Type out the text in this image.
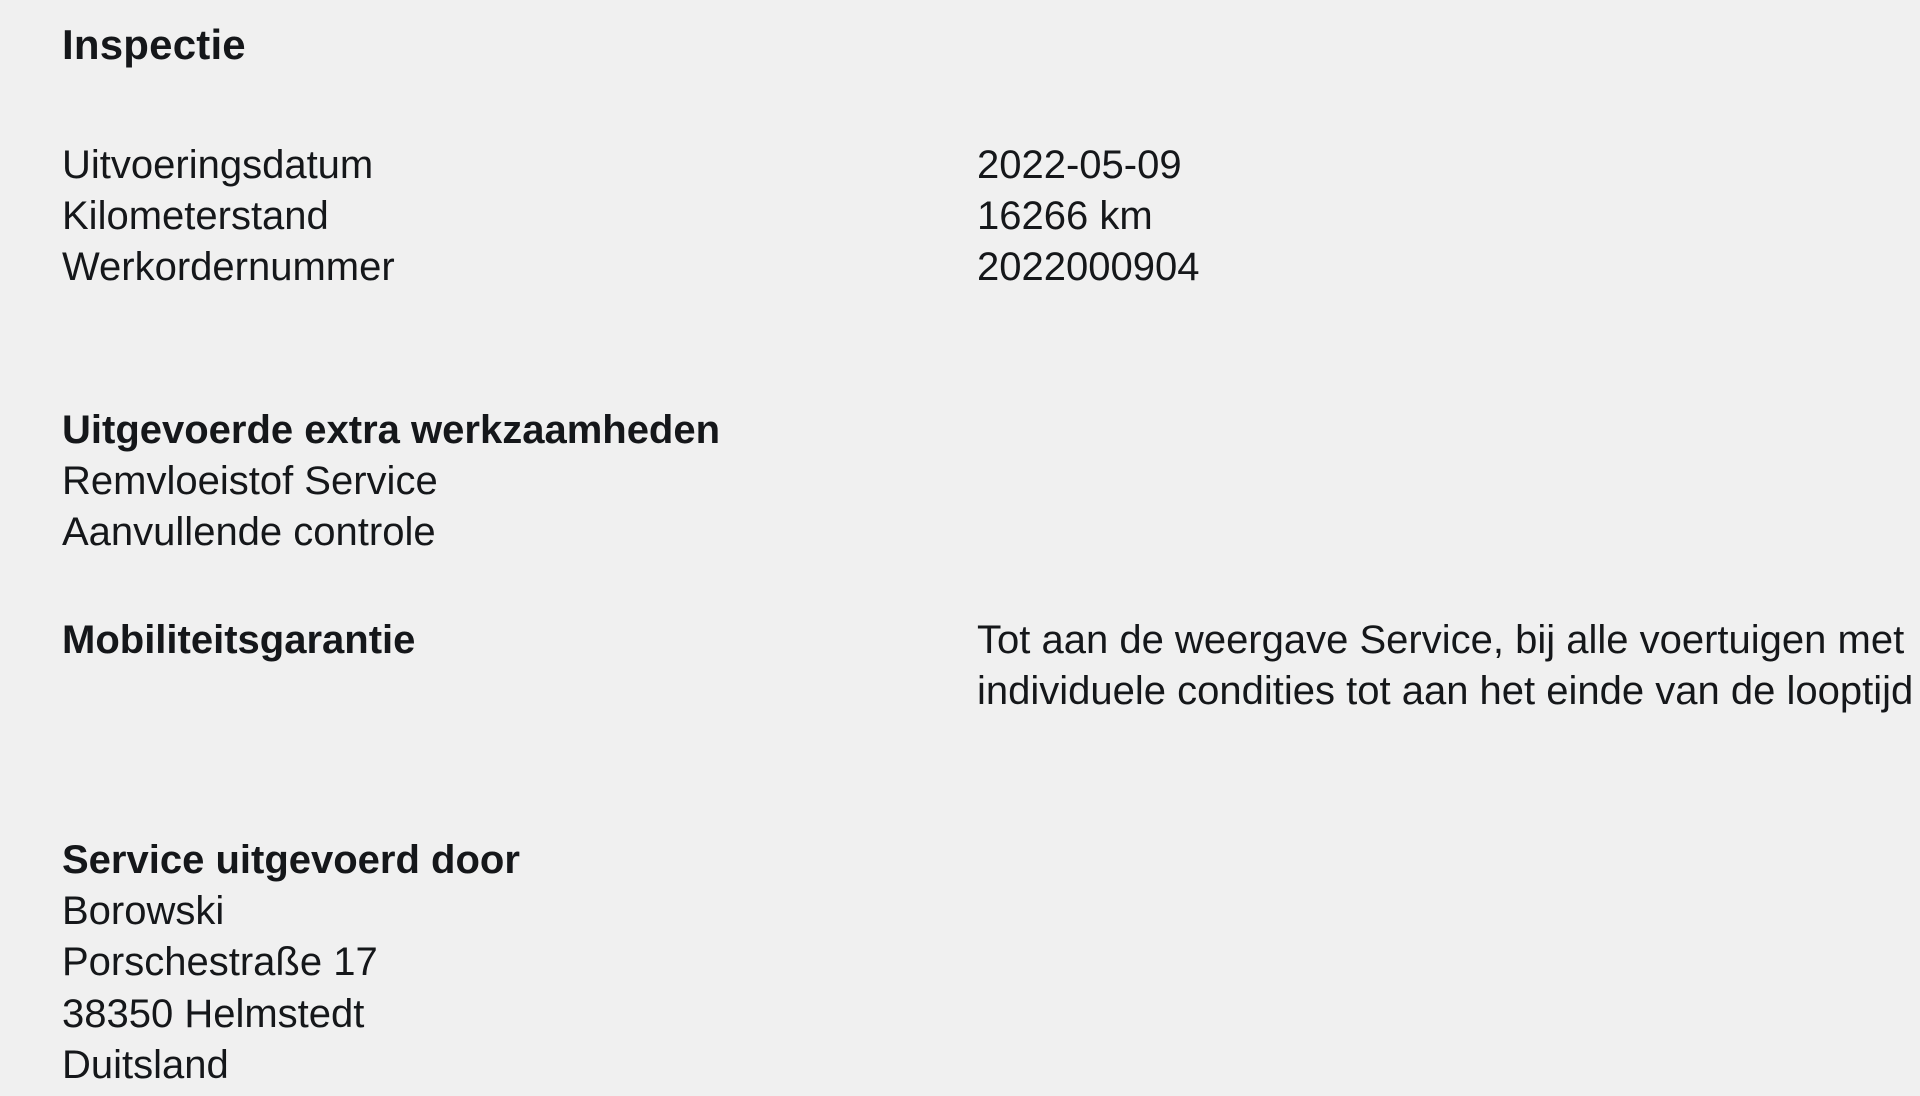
Inspectie
Uitvoeringsdatum	2022-05-09
Kilometerstand	16266 km
Werkordernummer	2022000904
Uitgevoerde extra werkzaamheden
Remvloeistof Service
Aanvullende controle
Mobiliteitsgarantie	Tot aan de weergave Service, bij alle voertuigen met individuele condities tot aan het einde van de looptijd
Service uitgevoerd door
Borowski
Porschestraße 17
38350 Helmstedt
Duitsland
